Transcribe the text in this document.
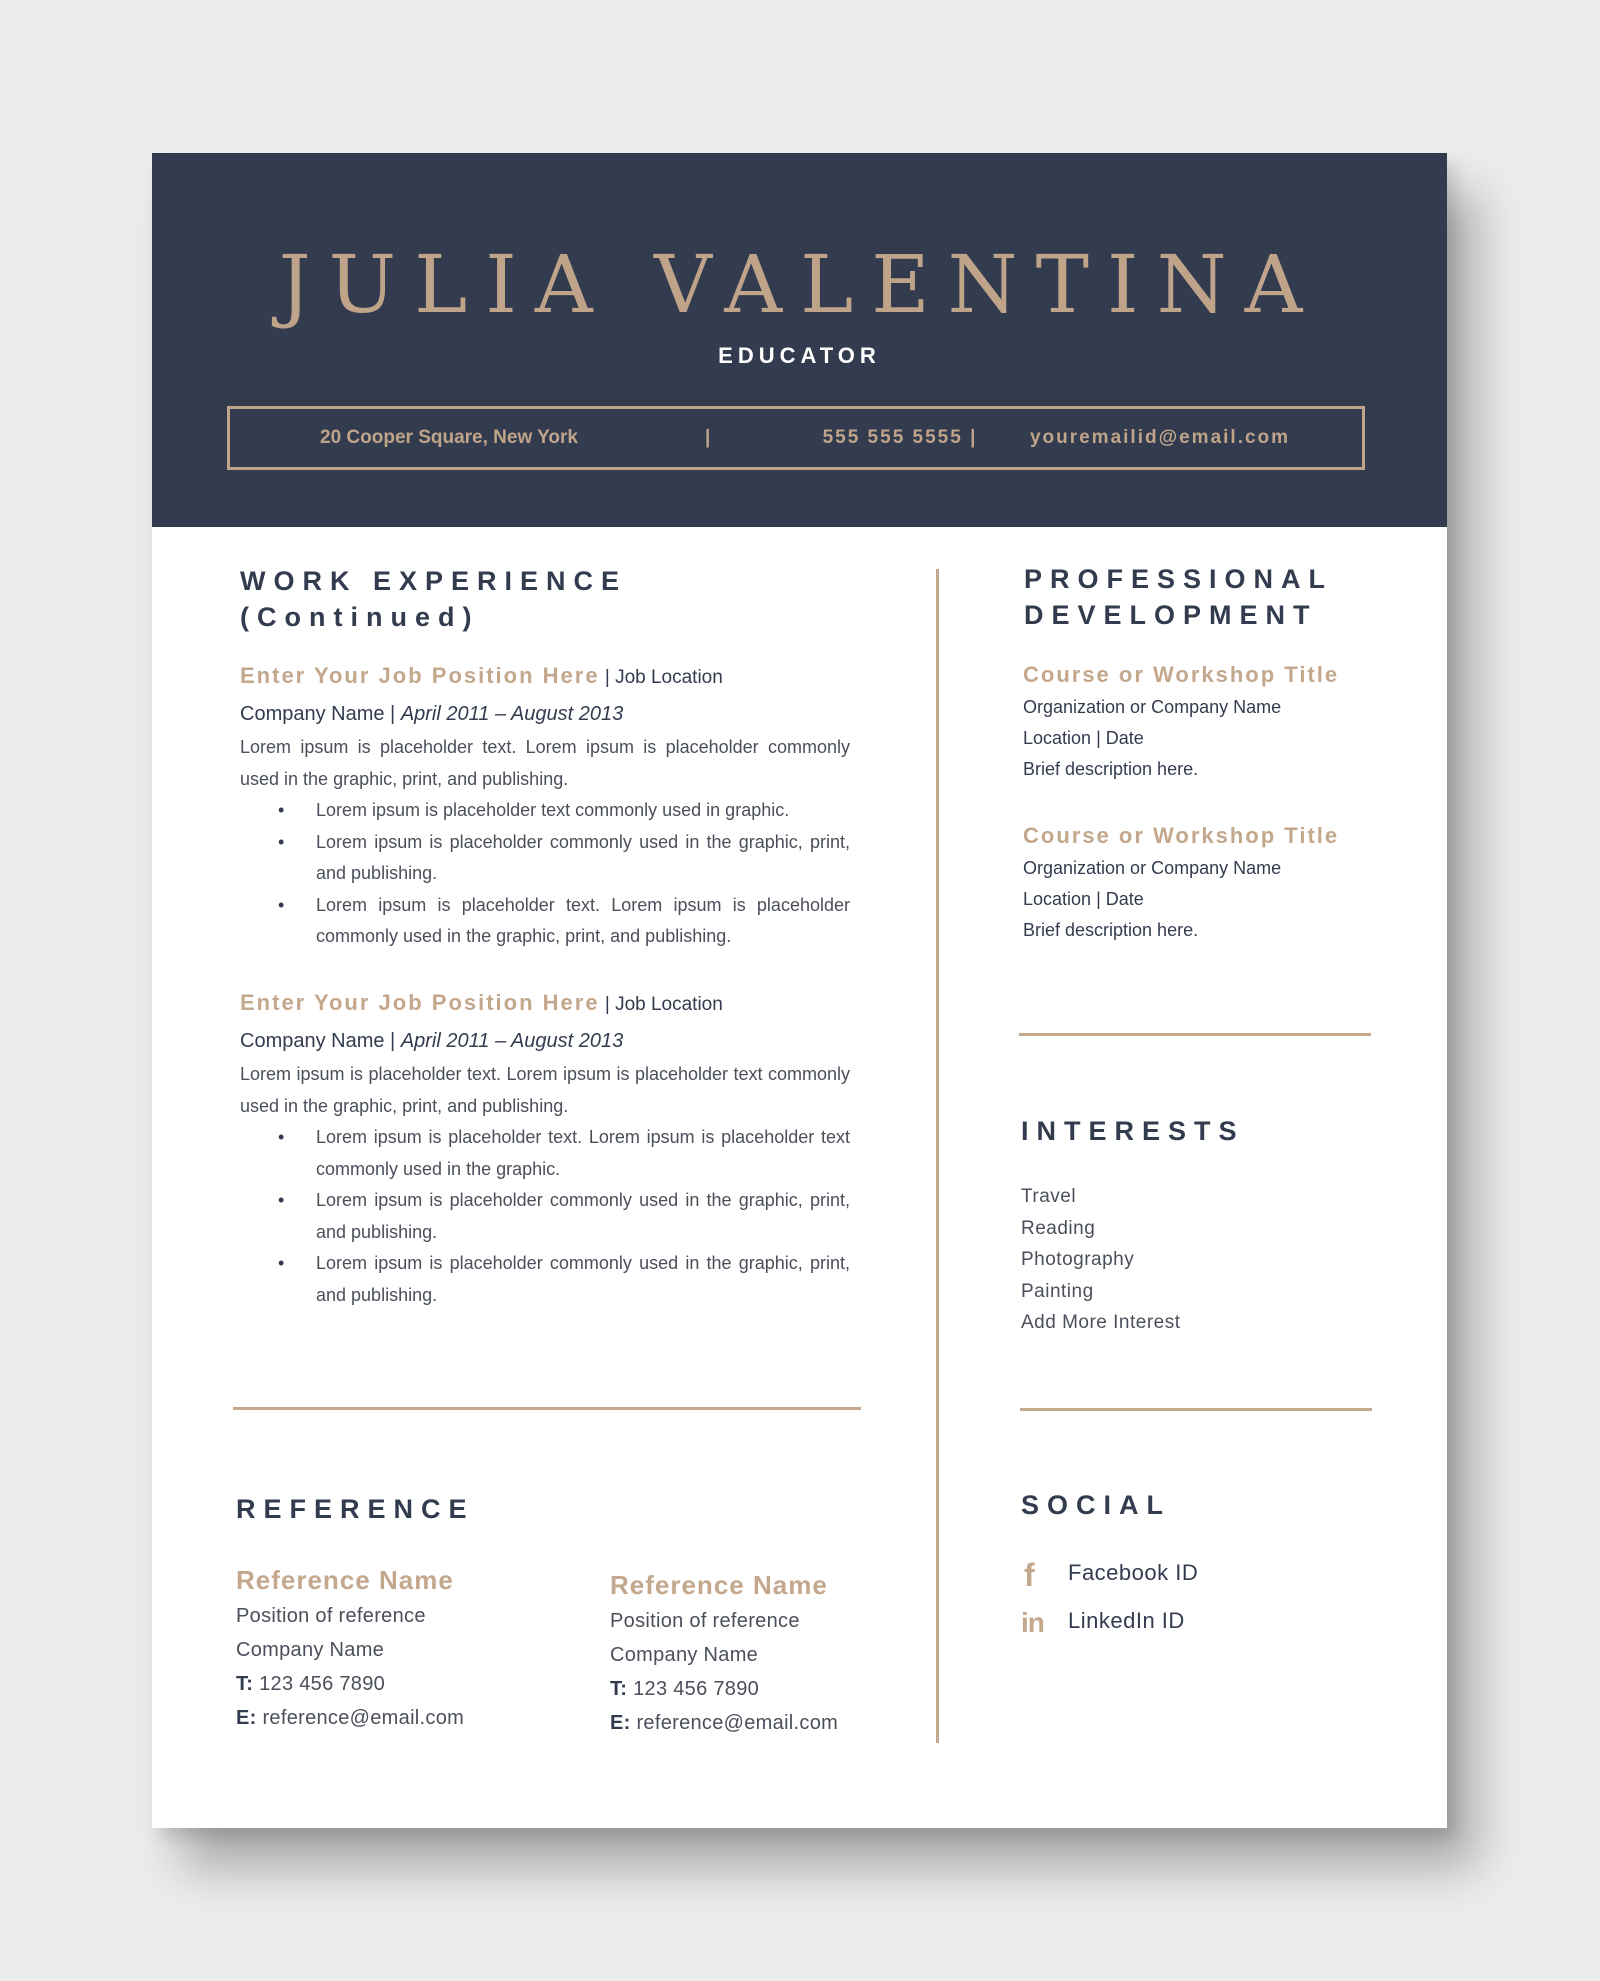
JULIA VALENTINA
EDUCATOR
20 Cooper Square, New York	|	555 555 5555 |	youremailid@email.com
WORK EXPERIENCE
(Continued)
Enter Your Job Position Here | Job Location
Company Name | April 2011 – August 2013
Lorem ipsum is placeholder text. Lorem ipsum is placeholder commonly used in the graphic, print, and publishing.
• Lorem ipsum is placeholder text commonly used in graphic.
• Lorem ipsum is placeholder commonly used in the graphic, print, and publishing.
• Lorem ipsum is placeholder text. Lorem ipsum is placeholder commonly used in the graphic, print, and publishing.
Enter Your Job Position Here | Job Location
Company Name | April 2011 – August 2013
Lorem ipsum is placeholder text. Lorem ipsum is placeholder text commonly used in the graphic, print, and publishing.
• Lorem ipsum is placeholder text. Lorem ipsum is placeholder text commonly used in the graphic.
• Lorem ipsum is placeholder commonly used in the graphic, print, and publishing.
• Lorem ipsum is placeholder commonly used in the graphic, print, and publishing.
REFERENCE
Reference Name
Position of reference
Company Name
T: 123 456 7890
E: reference@email.com
Reference Name
Position of reference
Company Name
T: 123 456 7890
E: reference@email.com
PROFESSIONAL
DEVELOPMENT
Course or Workshop Title
Organization or Company Name
Location | Date
Brief description here.
Course or Workshop Title
Organization or Company Name
Location | Date
Brief description here.
INTERESTS
Travel
Reading
Photography
Painting
Add More Interest
SOCIAL
f	Facebook ID
in	LinkedIn ID
